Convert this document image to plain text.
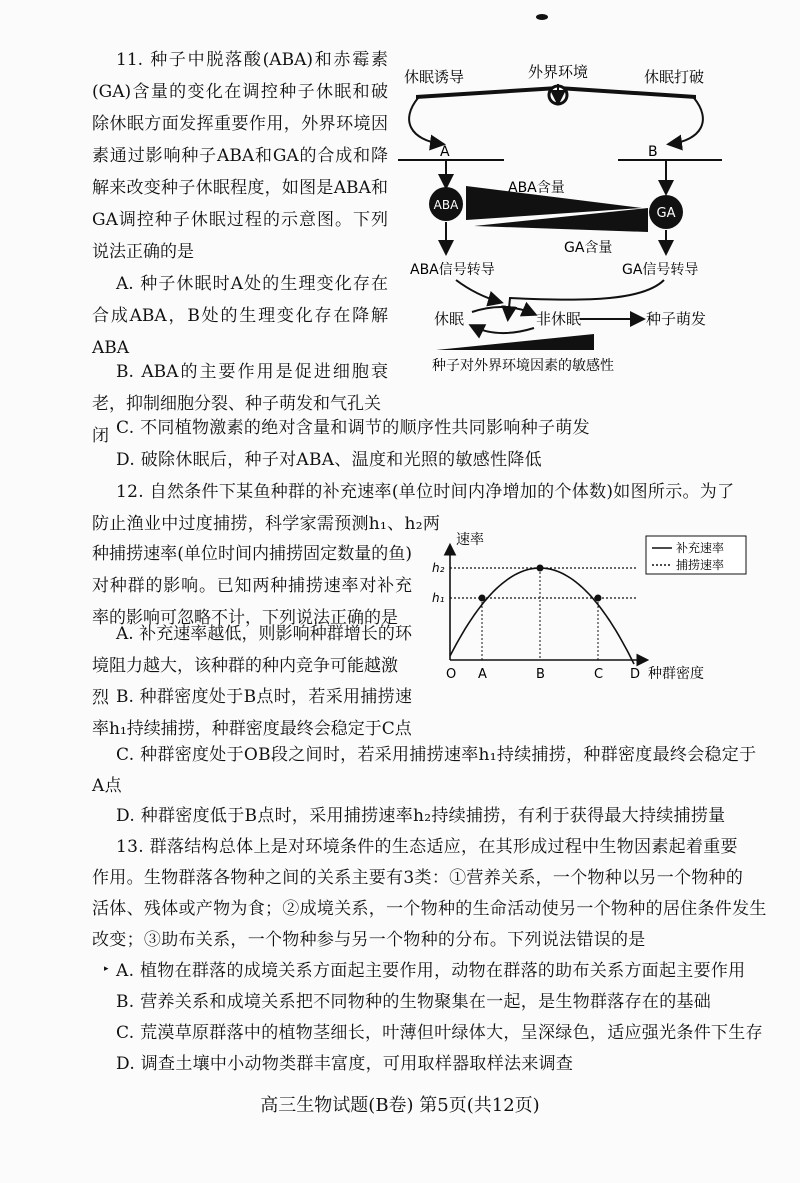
11. 种子中脱落酸(ABA)和赤霉素
(GA)含量的变化在调控种子休眠和破
除休眠方面发挥重要作用，外界环境因
素通过影响种子ABA和GA的合成和降
解来改变种子休眠程度，如图是ABA和
GA调控种子休眠过程的示意图。下列
说法正确的是
A. 种子休眠时A处的生理变化存在
合成ABA，B处的生理变化存在降解
ABA
B. ABA的主要作用是促进细胞衰
老，抑制细胞分裂、种子萌发和气孔关闭 C. 不同植物激素的绝对含量和调节的顺序性共同影响种子萌发
D. 破除休眠后，种子对ABA、温度和光照的敏感性降低
休眠诱导	外界环境	休眠打破
A	B
ABA
ABA含量
GA
GA含量
ABA信号转导	GA信号转导
休眠	非休眠	种子萌发
种子对外界环境因素的敏感性
12. 自然条件下某鱼种群的补充速率(单位时间内净增加的个体数)如图所示。为了
防止渔业中过度捕捞，科学家需预测h₁、h₂两
种捕捞速率(单位时间内捕捞固定数量的鱼)
对种群的影响。已知两种捕捞速率对补充
率的影响可忽略不计，下列说法正确的是
A. 补充速率越低，则影响种群增长的环
境阻力越大，该种群的种内竞争可能越激烈 B. 种群密度处于B点时，若采用捕捞速
率h₁持续捕捞，种群密度最终会稳定于C点
C. 种群密度处于OB段之间时，若采用捕捞速率h₁持续捕捞，种群密度最终会稳定于
A点
D. 种群密度低于B点时，采用捕捞速率h₂持续捕捞，有利于获得最大持续捕捞量
速率
种群密度
h₂
h₁
O A	B	C D
补充速率
捕捞速率
13. 群落结构总体上是对环境条件的生态适应，在其形成过程中生物因素起着重要
作用。生物群落各物种之间的关系主要有3类：①营养关系，一个物种以另一个物种的
活体、残体或产物为食；②成境关系，一个物种的生命活动使另一个物种的居住条件发生
改变；③助布关系，一个物种参与另一个物种的分布。下列说法错误的是
▸ A. 植物在群落的成境关系方面起主要作用，动物在群落的助布关系方面起主要作用
B. 营养关系和成境关系把不同物种的生物聚集在一起，是生物群落存在的基础
C. 荒漠草原群落中的植物茎细长，叶薄但叶绿体大，呈深绿色，适应强光条件下生存
D. 调查土壤中小动物类群丰富度，可用取样器取样法来调查
高三生物试题(B卷) 第5页(共12页)
